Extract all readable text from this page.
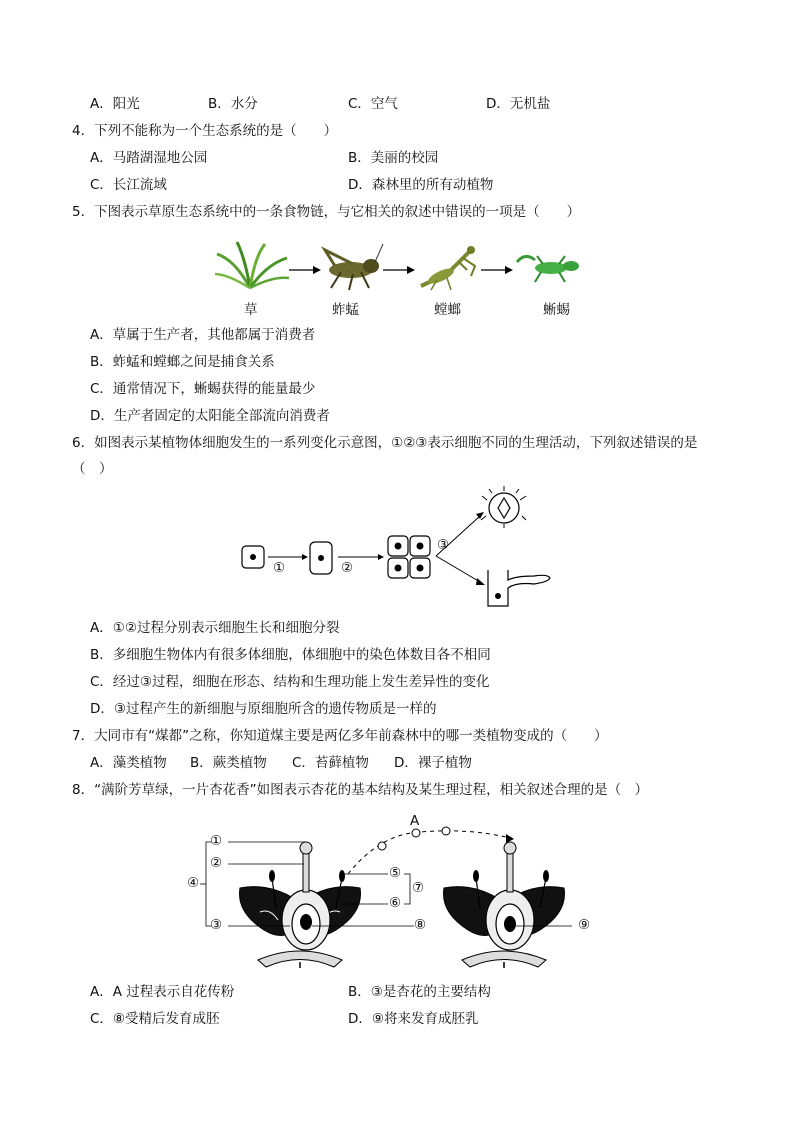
A．阳光	B．水分	C．空气	D．无机盐
4．下列不能称为一个生态系统的是（　　）
A．马踏湖湿地公园	B．美丽的校园
C．长江流域	D．森林里的所有动植物
5．下图表示草原生态系统中的一条食物链，与它相关的叙述中错误的一项是（　　）
草	蚱蜢	螳螂	蜥蜴
A．草属于生产者，其他都属于消费者
B．蚱蜢和螳螂之间是捕食关系
C．通常情况下，蜥蜴获得的能量最少
D．生产者固定的太阳能全部流向消费者
6．如图表示某植物体细胞发生的一系列变化示意图，①②③表示细胞不同的生理活动，下列叙述错误的是
（　）
①	②
③
A．①②过程分别表示细胞生长和细胞分裂
B．多细胞生物体内有很多体细胞，体细胞中的染色体数目各不相同
C．经过③过程，细胞在形态、结构和生理功能上发生差异性的变化
D．③过程产生的新细胞与原细胞所含的遗传物质是一样的
7．大同市有“煤都”之称，你知道煤主要是两亿多年前森林中的哪一类植物变成的（　　）
A．藻类植物 B．蕨类植物 C．苔藓植物 D．裸子植物
8．“满阶芳草绿，一片杏花香”如图表示杏花的基本结构及某生理过程，相关叙述合理的是（　）
①
②
③
④
⑤
⑥
⑦
⑧	⑨
A
A．A 过程表示自花传粉	B．③是杏花的主要结构
C．⑧受精后发育成胚	D．⑨将来发育成胚乳
